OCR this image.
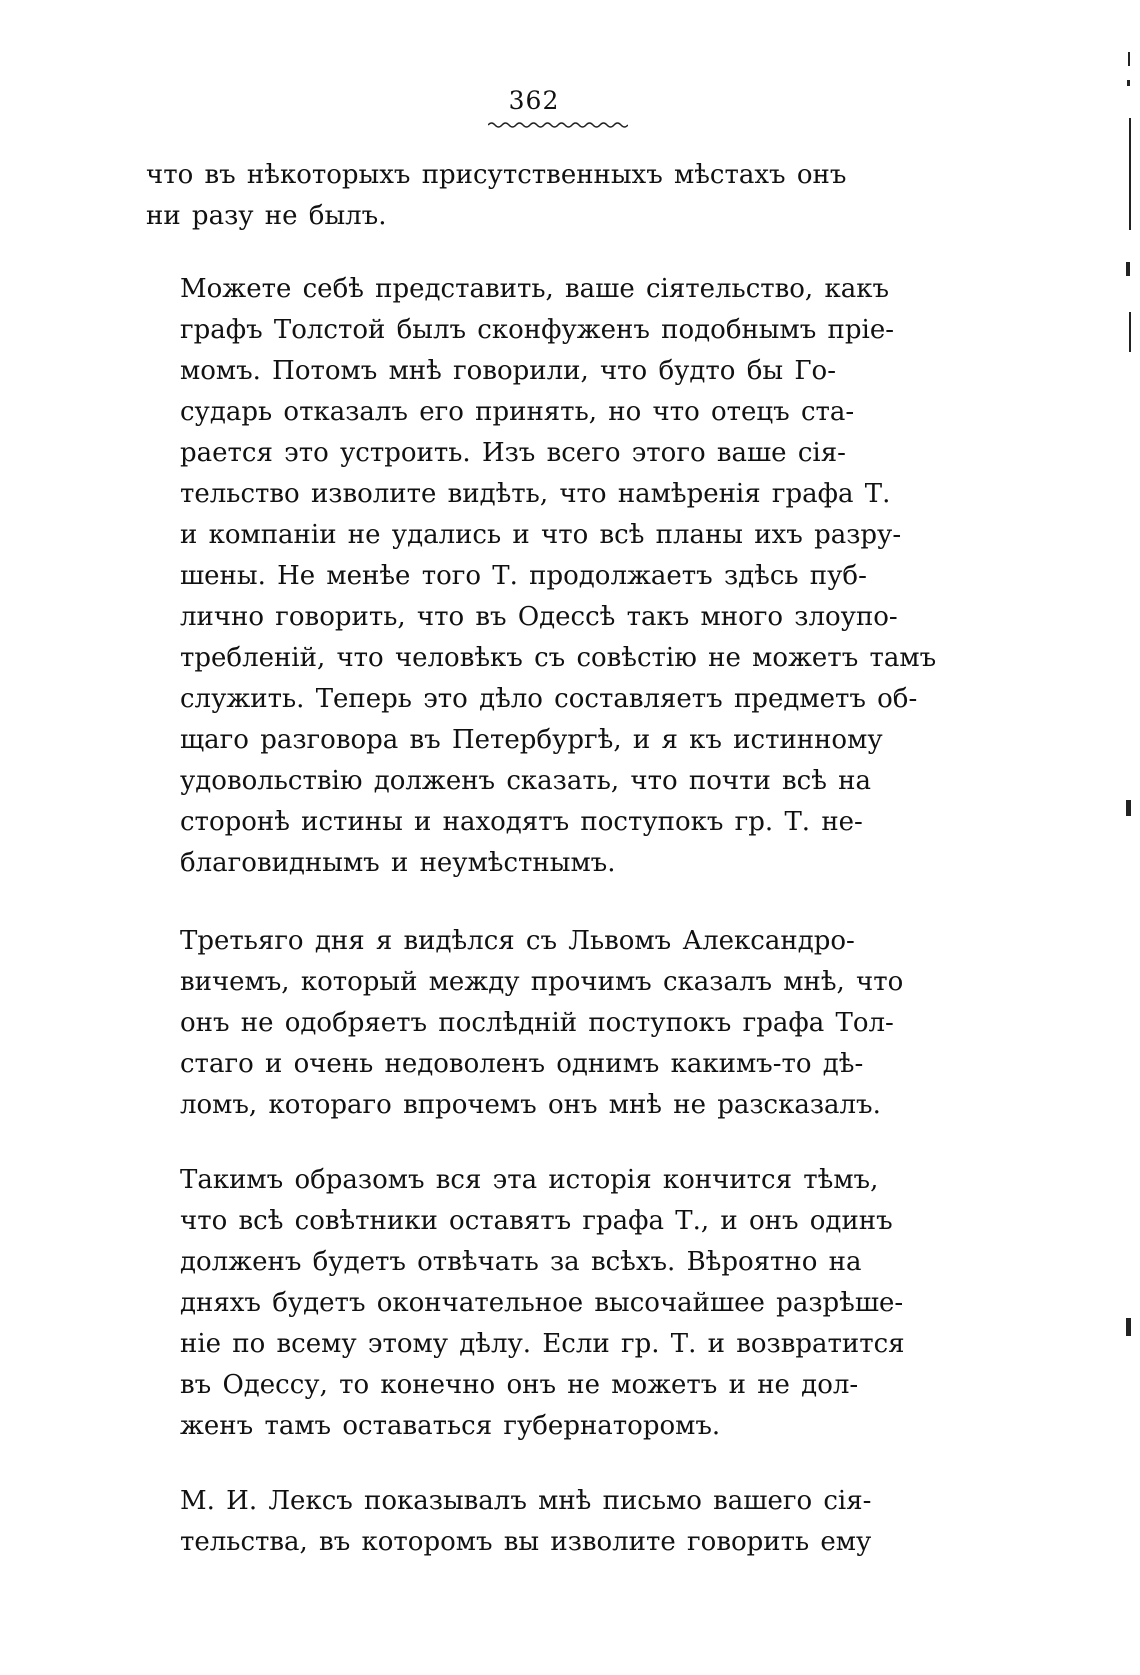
362

что въ нѣкоторыхъ присутственныхъ мѣстахъ онъ
ни разу не былъ.

Можете себѣ представить, ваше сіятельство, какъ
графъ Толстой былъ сконфуженъ подобнымъ пріе-
момъ. Потомъ мнѣ говорили, что будто бы Го-
сударь отказалъ его принять, но что отецъ ста-
рается это устроить. Изъ всего этого ваше сія-
тельство изволите видѣть, что намѣренія графа Т.
и компаніи не удались и что всѣ планы ихъ разру-
шены. Не менѣе того Т. продолжаетъ здѣсь пуб-
лично говорить, что въ Одессѣ такъ много злоупо-
требленій, что человѣкъ съ совѣстію не можетъ тамъ
служить. Теперь это дѣло составляетъ предметъ об-
щаго разговора въ Петербургѣ, и я къ истинному
удовольствію долженъ сказать, что почти всѣ на
сторонѣ истины и находятъ поступокъ гр. Т. не-
благовиднымъ и неумѣстнымъ.

Третьяго дня я видѣлся съ Львомъ Александро-
вичемъ, который между прочимъ сказалъ мнѣ, что
онъ не одобряетъ послѣдній поступокъ графа Тол-
стаго и очень недоволенъ однимъ какимъ-то дѣ-
ломъ, котораго впрочемъ онъ мнѣ не разсказалъ.

Такимъ образомъ вся эта исторія кончится тѣмъ,
что всѣ совѣтники оставятъ графа Т., и онъ одинъ
долженъ будетъ отвѣчать за всѣхъ. Вѣроятно на
дняхъ будетъ окончательное высочайшее разрѣше-
ніе по всему этому дѣлу. Если гр. Т. и возвратится
въ Одессу, то конечно онъ не можетъ и не дол-
женъ тамъ оставаться губернаторомъ.

М. И. Лексъ показывалъ мнѣ письмо вашего сія-
тельства, въ которомъ вы изволите говорить ему
